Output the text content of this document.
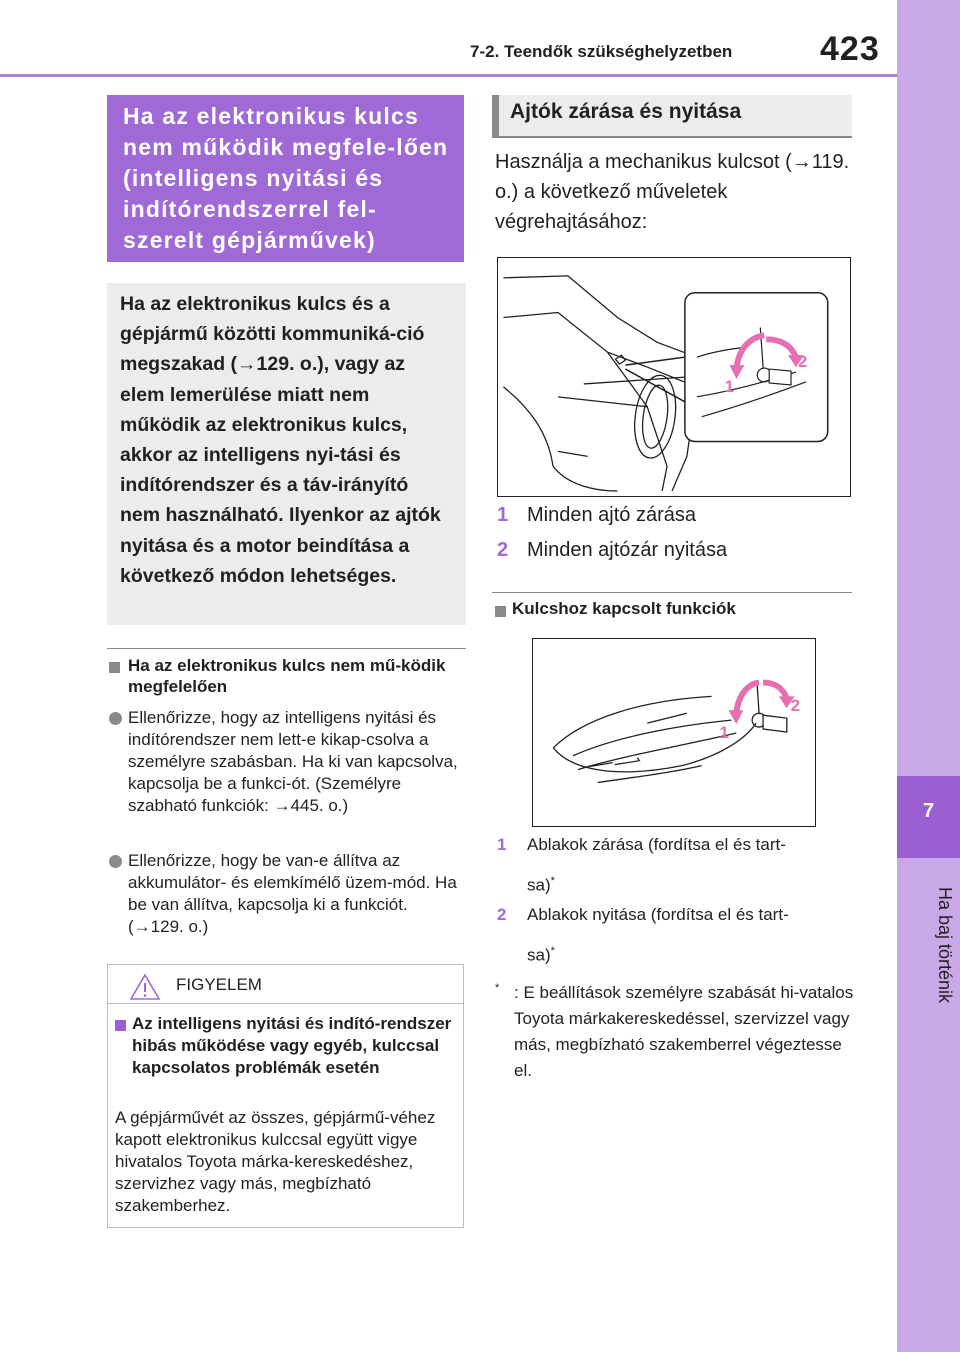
7-2. Teendők szükséghelyzetben	423
7
Ha baj történik
Ha az elektronikus kulcs nem működik megfele-lően (intelligens nyitási és indítórendszerrel fel-szerelt gépjárművek)
Ha az elektronikus kulcs és a gépjármű közötti kommuniká-ció megszakad (→129. o.), vagy az elem lemerülése miatt nem működik az elektronikus kulcs, akkor az intelligens nyi-tási és indítórendszer és a táv-irányító nem használható. Ilyenkor az ajtók nyitása és a motor beindítása a következő módon lehetséges.
Ha az elektronikus kulcs nem mű-ködik megfelelően
Ellenőrizze, hogy az intelligens nyitási és indítórendszer nem lett-e kikap-csolva a személyre szabásban. Ha ki van kapcsolva, kapcsolja be a funkci-ót. (Személyre szabható funkciók: →445. o.)
Ellenőrizze, hogy be van-e állítva az akkumulátor- és elemkímélő üzem-mód. Ha be van állítva, kapcsolja ki a funkciót. (→129. o.)
FIGYELEM
Az intelligens nyitási és indító-rendszer hibás működése vagy egyéb, kulccsal kapcsolatos problémák esetén
A gépjárművét az összes, gépjármű-véhez kapott elektronikus kulccsal együtt vigye hivatalos Toyota márka-kereskedéshez, szervizhez vagy más, megbízható szakemberhez.
Ajtók zárása és nyitása
Használja a mechanikus kulcsot (→119. o.) a következő műveletek végrehajtásához:
1
2
1 Minden ajtó zárása
2 Minden ajtózár nyitása
Kulcshoz kapcsolt funkciók
1
2
1 Ablakok zárása (fordítsa el és tart-
sa)*
2 Ablakok nyitása (fordítsa el és tart-
sa)*
* : E beállítások személyre szabását hi-vatalos Toyota márkakereskedéssel, szervizzel vagy más, megbízható szakemberrel végeztesse el.
